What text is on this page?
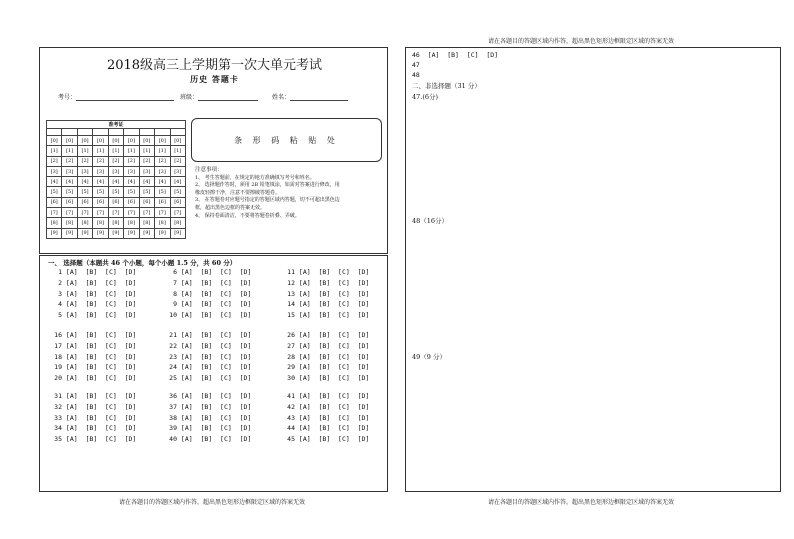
请在各题目的答题区域内作答，超出黑色矩形边框限定区域的答案无效
2018级高三上学期第一次大单元考试
历史 答题卡
考号：	班级：	姓名：
准考证								

[0]	[0]	[0]	[0]	[0]	[0]	[0]	[0]	[0]
[1]	[1]	[1]	[1]	[1]	[1]	[1]	[1]	[1]
[2]	[2]	[2]	[2]	[2]	[2]	[2]	[2]	[2]
[3]	[3]	[3]	[3]	[3]	[3]	[3]	[3]	[3]
[4]	[4]	[4]	[4]	[4]	[4]	[4]	[4]	[4]
[5]	[5]	[5]	[5]	[5]	[5]	[5]	[5]	[5]
[6]	[6]	[6]	[6]	[6]	[6]	[6]	[6]	[6]
[7]	[7]	[7]	[7]	[7]	[7]	[7]	[7]	[7]
[8]	[8]	[8]	[8]	[8]	[8]	[8]	[8]	[8]
[9]	[9]	[9]	[9]	[9]	[9]	[9]	[9]	[9]
条 形 码 粘 贴 处
注意事项：
1、 考生答题前，在规定的地方准确填写考号和姓名。
2、 选择题作答时，须用 2B 铅笔填涂，如需对答案进行修改，用
橡皮轻擦干净，注意不要擦破答题卷。
3、 在答题卷对应题号指定的答题区域内答题，切不可超出黑色边
框，超出黑色边框的答案无效。
4、 保持卷面清洁，不要将答题卷折叠、弄破。
一、 选择题（本题共 46 个小题，每个小题 1.5 分，共 60 分）
1 [A]  [B]  [C]  [D]
2 [A]  [B]  [C]  [D]
3 [A]  [B]  [C]  [D]
4 [A]  [B]  [C]  [D]
5 [A]  [B]  [C]  [D]
16 [A]  [B]  [C]  [D]
17 [A]  [B]  [C]  [D]
18 [A]  [B]  [C]  [D]
19 [A]  [B]  [C]  [D]
20 [A]  [B]  [C]  [D]
31 [A]  [B]  [C]  [D]
32 [A]  [B]  [C]  [D]
33 [A]  [B]  [C]  [D]
34 [A]  [B]  [C]  [D]
35 [A]  [B]  [C]  [D]
6 [A]  [B]  [C]  [D]
7 [A]  [B]  [C]  [D]
8 [A]  [B]  [C]  [D]
9 [A]  [B]  [C]  [D]
10 [A]  [B]  [C]  [D]
21 [A]  [B]  [C]  [D]
22 [A]  [B]  [C]  [D]
23 [A]  [B]  [C]  [D]
24 [A]  [B]  [C]  [D]
25 [A]  [B]  [C]  [D]
36 [A]  [B]  [C]  [D]
37 [A]  [B]  [C]  [D]
38 [A]  [B]  [C]  [D]
39 [A]  [B]  [C]  [D]
40 [A]  [B]  [C]  [D]
11 [A]  [B]  [C]  [D]
12 [A]  [B]  [C]  [D]
13 [A]  [B]  [C]  [D]
14 [A]  [B]  [C]  [D]
15 [A]  [B]  [C]  [D]
26 [A]  [B]  [C]  [D]
27 [A]  [B]  [C]  [D]
28 [A]  [B]  [C]  [D]
29 [A]  [B]  [C]  [D]
30 [A]  [B]  [C]  [D]
41 [A]  [B]  [C]  [D]
42 [A]  [B]  [C]  [D]
43 [A]  [B]  [C]  [D]
44 [A]  [B]  [C]  [D]
45 [A]  [B]  [C]  [D]
46  [A]  [B]  [C]  [D]
47
48
二、非选择题（31 分）
47.(6分)
48（16分）
49（9 分）
请在各题目的答题区域内作答，超出黑色矩形边框限定区域的答案无效	请在各题目的答题区域内作答，超出黑色矩形边框限定区域的答案无效
